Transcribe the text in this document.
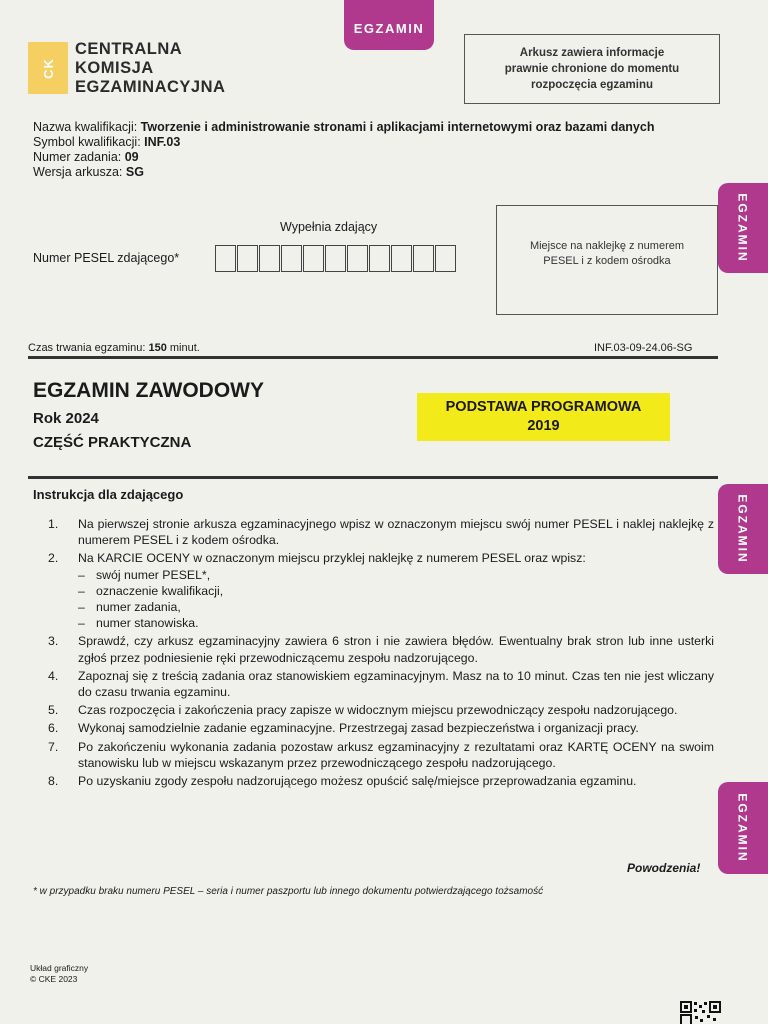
EGZAMIN
EGZAMIN
EGZAMIN
EGZAMIN
CK
CENTRALNA
KOMISJA
EGZAMINACYJNA
Arkusz zawiera informacje
prawnie chronione do momentu
rozpoczęcia egzaminu
Nazwa kwalifikacji: Tworzenie i administrowanie stronami i aplikacjami internetowymi oraz bazami danych
Symbol kwalifikacji: INF.03
Numer zadania: 09
Wersja arkusza: SG
Wypełnia zdający
Numer PESEL zdającego*
Miejsce na naklejkę z numerem
PESEL i z kodem ośrodka
Czas trwania egzaminu: 150 minut.	INF.03-09-24.06-SG
EGZAMIN ZAWODOWY
Rok 2024
CZĘŚĆ PRAKTYCZNA
PODSTAWA PROGRAMOWA
2019
Instrukcja dla zdającego
1.	Na pierwszej stronie arkusza egzaminacyjnego wpisz w oznaczonym miejscu swój numer PESEL i naklej naklejkę z numerem PESEL i z kodem ośrodka.
2.	Na KARCIE OCENY w oznaczonym miejscu przyklej naklejkę z numerem PESEL oraz wpisz:
– swój numer PESEL*,
– oznaczenie kwalifikacji,
– numer zadania,
– numer stanowiska.
3.	Sprawdź, czy arkusz egzaminacyjny zawiera 6 stron i nie zawiera błędów. Ewentualny brak stron lub inne usterki zgłoś przez podniesienie ręki przewodniczącemu zespołu nadzorującego.
4.	Zapoznaj się z treścią zadania oraz stanowiskiem egzaminacyjnym. Masz na to 10 minut. Czas ten nie jest wliczany do czasu trwania egzaminu.
5.	Czas rozpoczęcia i zakończenia pracy zapisze w widocznym miejscu przewodniczący zespołu nadzorującego.
6.	Wykonaj samodzielnie zadanie egzaminacyjne. Przestrzegaj zasad bezpieczeństwa i organizacji pracy.
7.	Po zakończeniu wykonania zadania pozostaw arkusz egzaminacyjny z rezultatami oraz KARTĘ OCENY na swoim stanowisku lub w miejscu wskazanym przez przewodniczącego zespołu nadzorującego.
8.	Po uzyskaniu zgody zespołu nadzorującego możesz opuścić salę/miejsce przeprowadzania egzaminu.
Powodzenia!
* w przypadku braku numeru PESEL – seria i numer paszportu lub innego dokumentu potwierdzającego tożsamość
Układ graficzny
© CKE 2023
